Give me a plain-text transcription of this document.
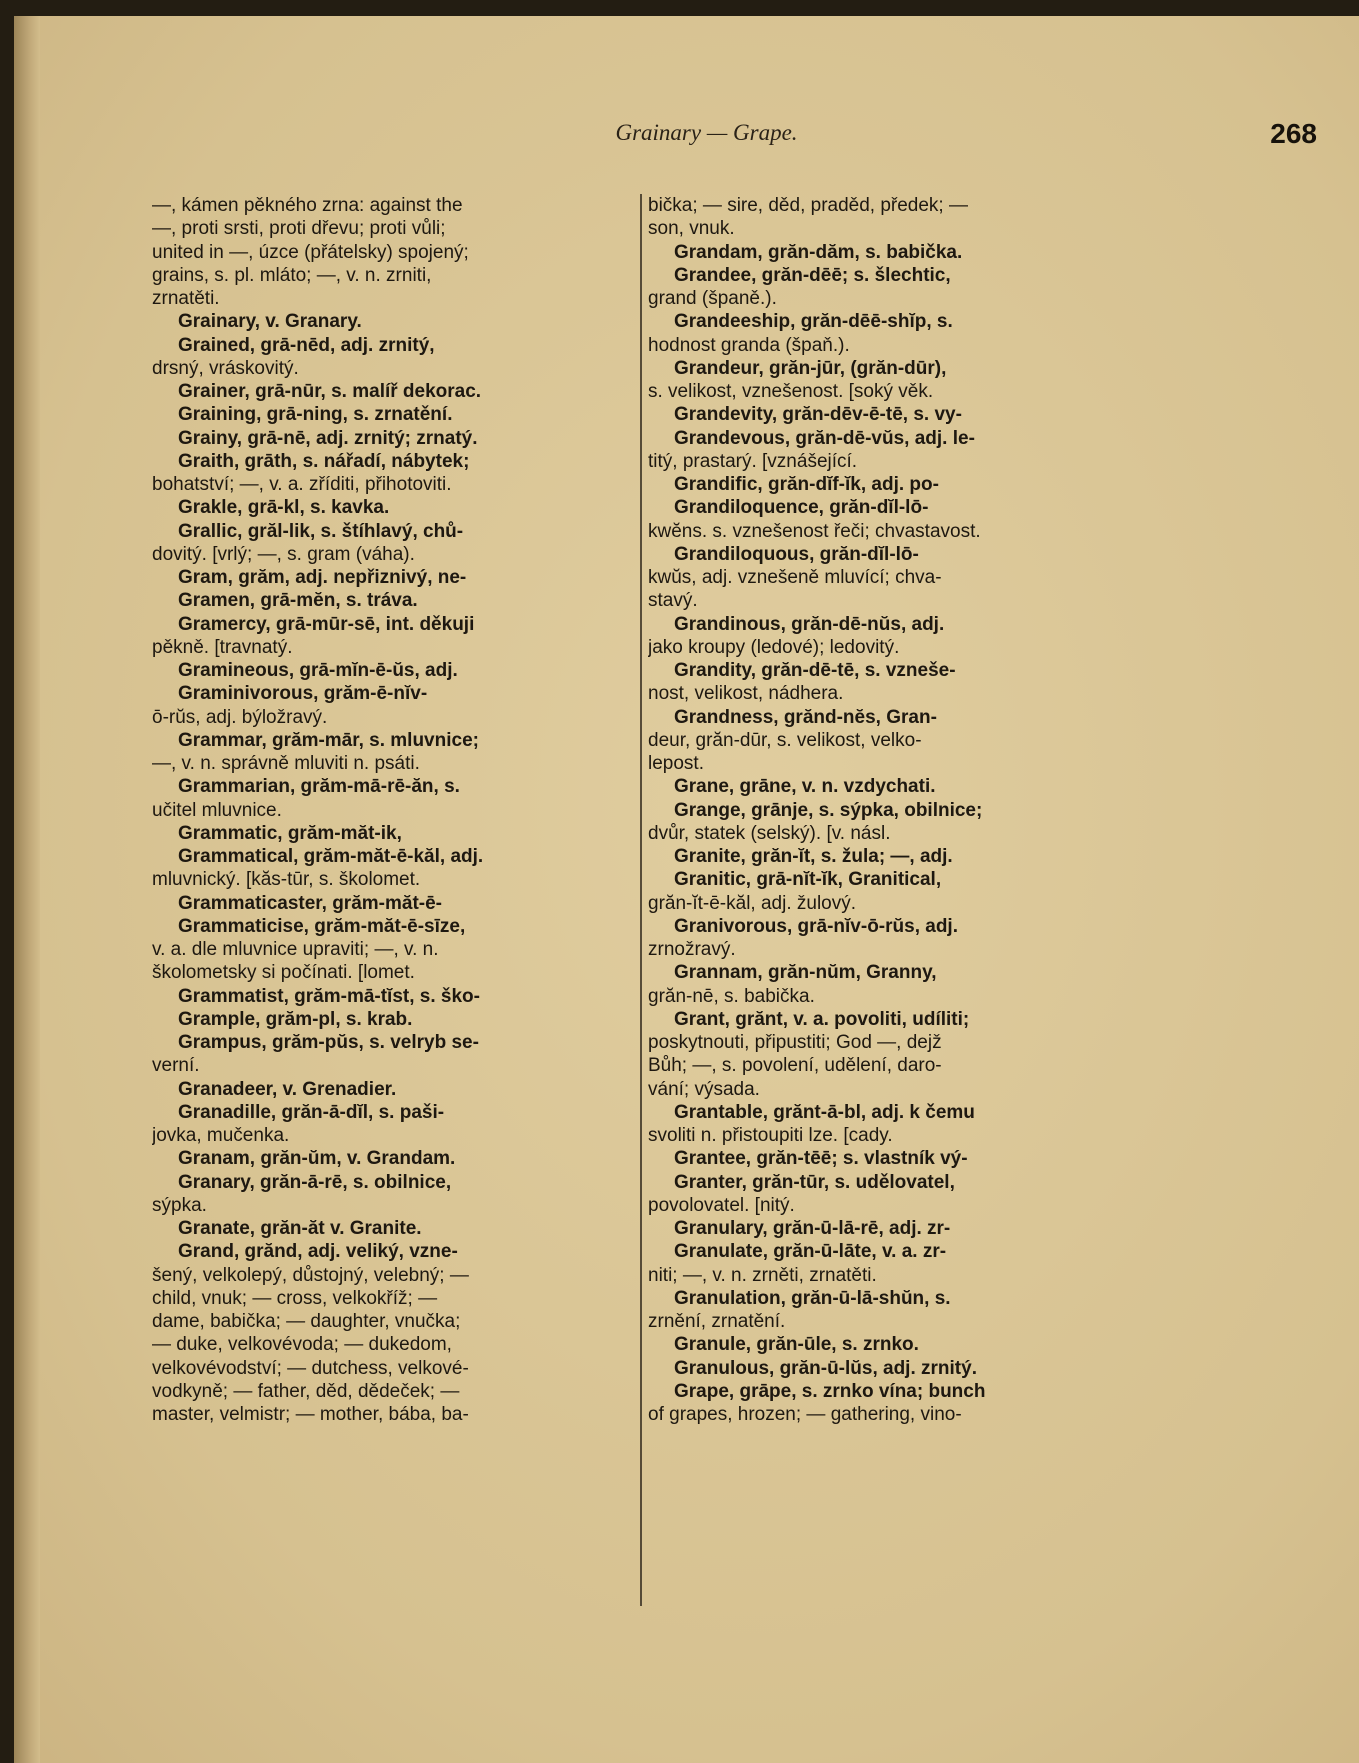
Grainary — Grape.	268
—, kámen pěkného zrna: against the
—, proti srsti, proti dřevu; proti vůli;
united in —, úzce (přátelsky) spojený;
grains, s. pl. mláto; —, v. n. zrniti,
zrnatěti.
Grainary, v. Granary.
Grained, grā-nēd, adj. zrnitý,
drsný, vráskovitý.
Grainer, grā-nūr, s. malíř dekorac.
Graining, grā-ning, s. zrnatění.
Grainy, grā-nē, adj. zrnitý; zrnatý.
Graith, grāth, s. nářadí, nábytek;
bohatství; —, v. a. zříditi, přihotoviti.
Grakle, grā-kl, s. kavka.
Grallic, grăl-lik, s. štíhlavý, chů-
dovitý. [vrlý; —, s. gram (váha).
Gram, grăm, adj. nepřiznivý, ne-
Gramen, grā-mĕn, s. tráva.
Gramercy, grā-mūr-sē, int. děkuji
pěkně. [travnatý.
Gramineous, grā-mĭn-ē-ŭs, adj.
Graminivorous, grăm-ē-nĭv-
ō-rŭs, adj. býložravý.
Grammar, grăm-mār, s. mluvnice;
—, v. n. správně mluviti n. psáti.
Grammarian, grăm-mā-rē-ăn, s.
učitel mluvnice.
Grammatic, grăm-măt-ik,
Grammatical, grăm-măt-ē-kăl, adj.
mluvnický. [kăs-tūr, s. školomet.
Grammaticaster, grăm-măt-ē-
Grammaticise, grăm-măt-ē-sīze,
v. a. dle mluvnice upraviti; —, v. n.
školometsky si počínati. [lomet.
Grammatist, grăm-mā-tĭst, s. ško-
Grample, grăm-pl, s. krab.
Grampus, grăm-pŭs, s. velryb se-
verní.
Granadeer, v. Grenadier.
Granadille, grăn-ā-dĭl, s. paši-
jovka, mučenka.
Granam, grăn-ŭm, v. Grandam.
Granary, grăn-ā-rē, s. obilnice,
sýpka.
Granate, grăn-ăt v. Granite.
Grand, grănd, adj. veliký, vzne-
šený, velkolepý, důstojný, velebný; —
child, vnuk; — cross, velkokříž; —
dame, babička; — daughter, vnučka;
— duke, velkovévoda; — dukedom,
velkovévodství; — dutchess, velkové-
vodkyně; — father, děd, dědeček; —
master, velmistr; — mother, bába, ba-
bička; — sire, děd, praděd, předek; —
son, vnuk.
Grandam, grăn-dăm, s. babička.
Grandee, grăn-dēē; s. šlechtic,
grand (španě.).
Grandeeship, grăn-dēē-shĭp, s.
hodnost granda (špaň.).
Grandeur, grăn-jūr, (grăn-dūr),
s. velikost, vznešenost. [soký věk.
Grandevity, grăn-dēv-ē-tē, s. vy-
Grandevous, grăn-dē-vŭs, adj. le-
titý, prastarý. [vznášející.
Grandific, grăn-dĭf-ĭk, adj. po-
Grandiloquence, grăn-dĭl-lō-
kwĕns. s. vznešenost řeči; chvastavost.
Grandiloquous, grăn-dĭl-lō-
kwŭs, adj. vznešeně mluvící; chva-
stavý.
Grandinous, grăn-dē-nŭs, adj.
jako kroupy (ledové); ledovitý.
Grandity, grăn-dē-tē, s. vzneše-
nost, velikost, nádhera.
Grandness, grănd-nĕs, Gran-
deur, grăn-dūr, s. velikost, velko-
lepost.
Grane, grāne, v. n. vzdychati.
Grange, grānje, s. sýpka, obilnice;
dvůr, statek (selský). [v. násl.
Granite, grăn-ĭt, s. žula; —, adj.
Granitic, grā-nĭt-ĭk, Granitical,
grăn-ĭt-ē-kăl, adj. žulový.
Granivorous, grā-nĭv-ō-rŭs, adj.
zrnožravý.
Grannam, grăn-nŭm, Granny,
grăn-nē, s. babička.
Grant, grănt, v. a. povoliti, udíliti;
poskytnouti, připustiti; God —, dejž
Bůh; —, s. povolení, udělení, daro-
vání; výsada.
Grantable, grănt-ā-bl, adj. k čemu
svoliti n. přistoupiti lze. [cady.
Grantee, grăn-tēē; s. vlastník vý-
Granter, grăn-tūr, s. udělovatel,
povolovatel. [nitý.
Granulary, grăn-ū-lā-rē, adj. zr-
Granulate, grăn-ū-lāte, v. a. zr-
niti; —, v. n. zrněti, zrnatěti.
Granulation, grăn-ū-lā-shŭn, s.
zrnění, zrnatění.
Granule, grăn-ūle, s. zrnko.
Granulous, grăn-ū-lŭs, adj. zrnitý.
Grape, grāpe, s. zrnko vína; bunch
of grapes, hrozen; — gathering, vino-
